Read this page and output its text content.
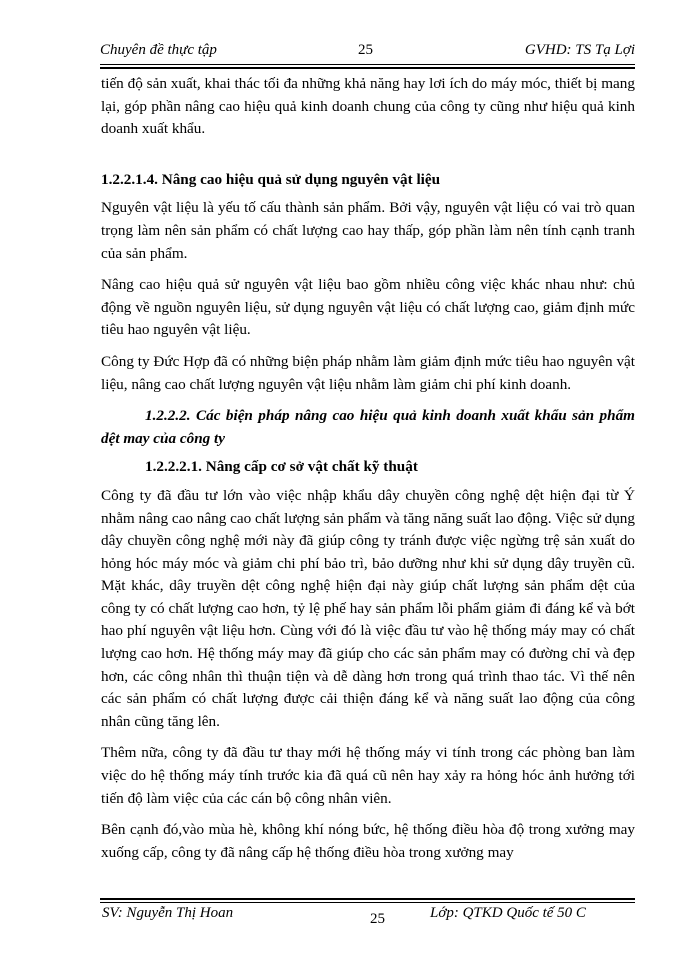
Chuyên đề thực tập	25	GVHD: TS Tạ Lợi

tiến độ sản xuất, khai thác tối đa những khả năng hay lơi ích do máy móc, thiết bị mang lại, góp phần nâng cao hiệu quả kinh doanh chung của công ty cũng như hiệu quả kinh doanh xuất khẩu.

1.2.2.1.4. Nâng cao hiệu quả sử dụng nguyên vật liệu

Nguyên vật liệu là yếu tố cấu thành sản phẩm. Bởi vậy, nguyên vật liệu có vai trò quan trọng làm nên sản phẩm có chất lượng cao hay thấp, góp phần làm nên tính cạnh tranh của sản phẩm.

Nâng cao hiệu quả sử nguyên vật liệu bao gồm nhiều công việc khác nhau như: chủ động về nguồn nguyên liệu, sử dụng nguyên vật liệu có chất lượng cao, giảm định mức tiêu hao nguyên vật liệu.

Công ty Đức Hợp đã có những biện pháp nhằm làm giảm định mức tiêu hao nguyên vật liệu, nâng cao chất lượng nguyên vật liệu nhằm làm giảm chi phí kinh doanh.

1.2.2.2. Các biện pháp nâng cao hiệu quả kinh doanh xuất khẩu sản phẩm dệt may của công ty

1.2.2.2.1. Nâng cấp cơ sở vật chất kỹ thuật

Công ty đã đầu tư lớn vào việc nhập khẩu dây chuyền công nghệ dệt hiện đại từ Ý nhằm nâng cao nâng cao chất lượng sản phẩm và tăng năng suất lao động. Việc sử dụng dây chuyền công nghệ mới này đã giúp công ty tránh được việc ngừng trệ sản xuất do hỏng hóc máy móc và giảm chi phí bảo trì, bảo dưỡng như khi sử dụng dây truyền cũ. Mặt khác, dây truyền dệt công nghệ hiện đại này giúp chất lượng sản phẩm dệt của công ty có chất lượng cao hơn, tỷ lệ phế hay sản phẩm lỗi phẩm giảm đi đáng kể và bớt hao phí nguyên vật liệu hơn. Cùng với đó là việc đầu tư vào hệ thống máy may có chất lượng cao hơn. Hệ thống máy may đã giúp cho các sản phẩm may có đường chỉ và đẹp hơn, các công nhân thì thuận tiện và dễ dàng hơn trong quá trình thao tác. Vì thế nên các sản phẩm có chất lượng được cải thiện đáng kể và năng suất lao động của công nhân cũng tăng lên.

Thêm nữa, công ty đã đầu tư thay mới hệ thống máy vi tính trong các phòng ban làm việc do hệ thống máy tính trước kia đã quá cũ nên hay xảy ra hỏng hóc ảnh hưởng tới tiến độ làm việc của các cán bộ công nhân viên.

Bên cạnh đó,vào mùa hè, không khí nóng bức, hệ thống điều hòa độ trong xưởng may xuống cấp, công ty đã nâng cấp hệ thống điều hòa trong xưởng may

SV: Nguyễn Thị Hoan	25	Lớp: QTKD Quốc tế 50 C
